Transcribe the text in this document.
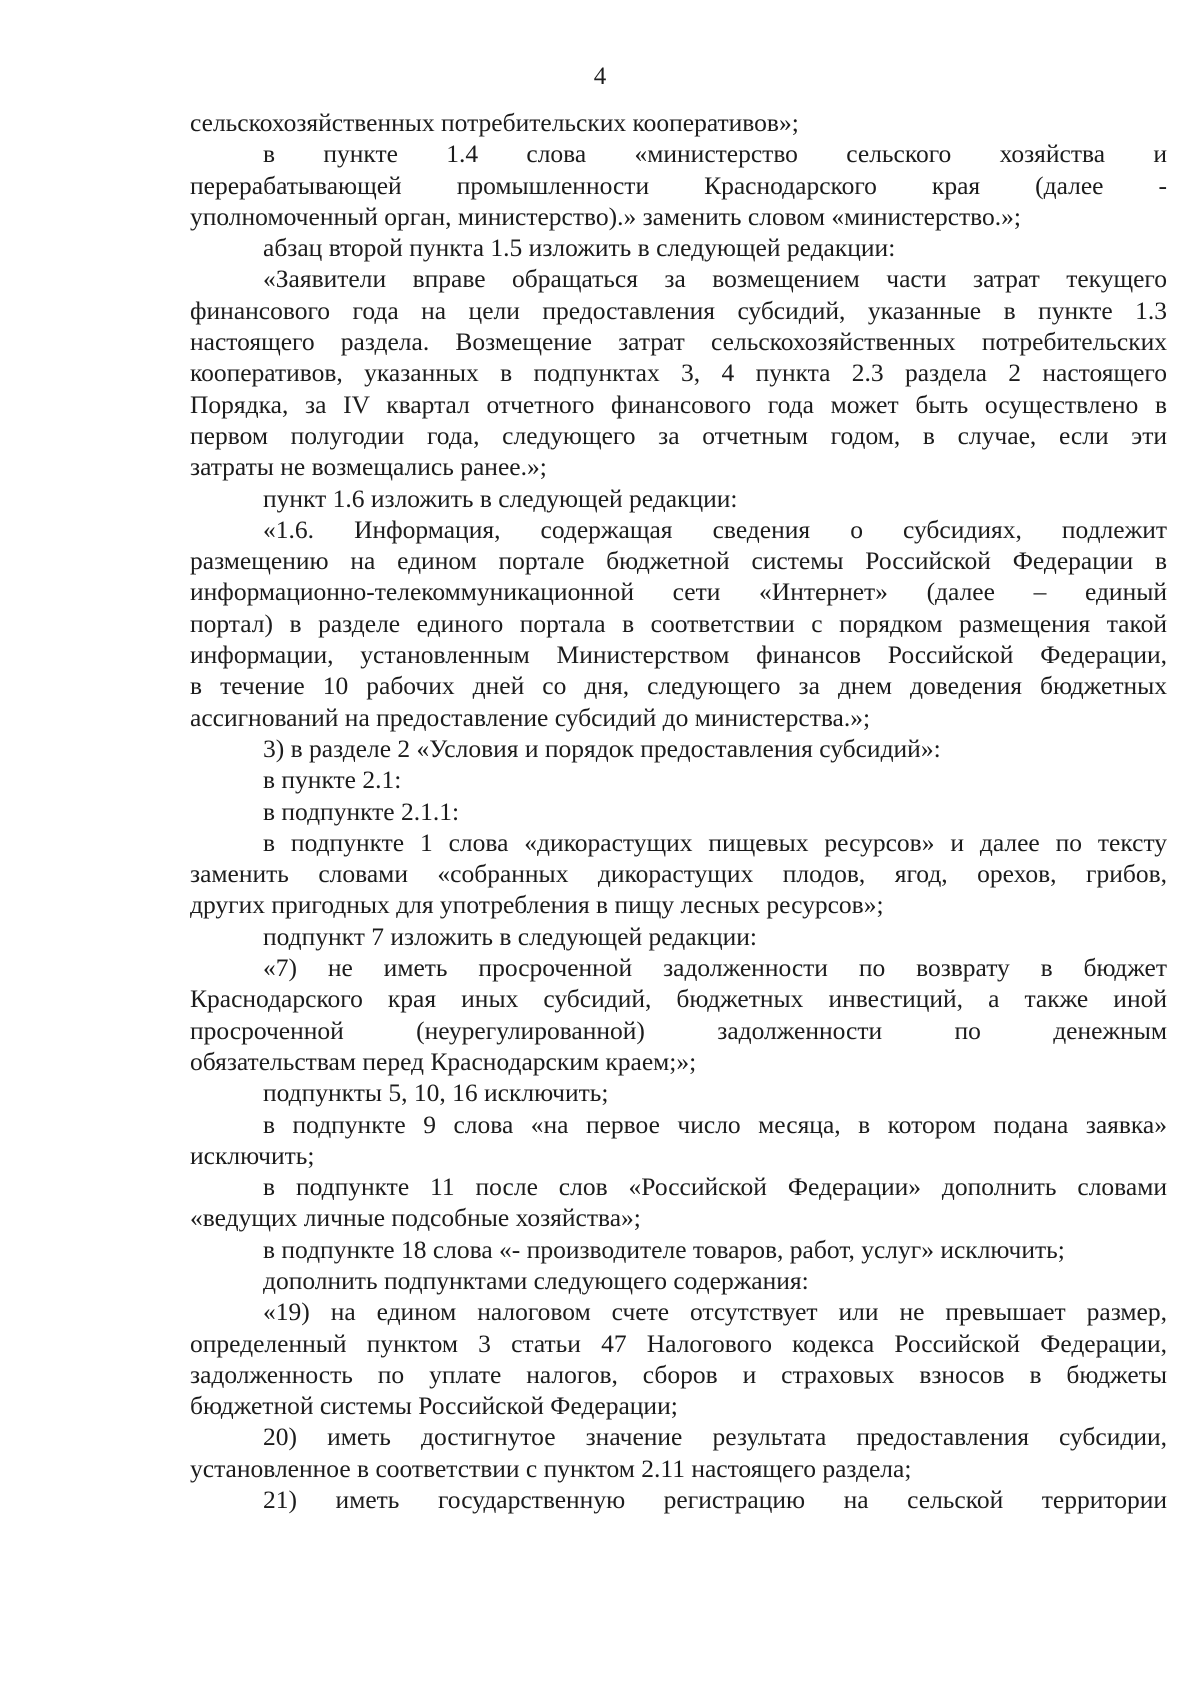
4
сельскохозяйственных потребительских кооперативов»;
в пункте 1.4 слова «министерство сельского хозяйства и
перерабатывающей промышленности Краснодарского края (далее -
уполномоченный орган, министерство).» заменить словом «министерство.»;
абзац второй пункта 1.5 изложить в следующей редакции:
«Заявители вправе обращаться за возмещением части затрат текущего
финансового года на цели предоставления субсидий, указанные в пункте 1.3
настоящего раздела. Возмещение затрат сельскохозяйственных потребительских
кооперативов, указанных в подпунктах 3, 4 пункта 2.3 раздела 2 настоящего
Порядка, за IV квартал отчетного финансового года может быть осуществлено в
первом полугодии года, следующего за отчетным годом, в случае, если эти
затраты не возмещались ранее.»;
пункт 1.6 изложить в следующей редакции:
«1.6. Информация, содержащая сведения о субсидиях, подлежит
размещению на едином портале бюджетной системы Российской Федерации в
информационно-телекоммуникационной сети «Интернет» (далее – единый
портал) в разделе единого портала в соответствии с порядком размещения такой
информации, установленным Министерством финансов Российской Федерации,
в течение 10 рабочих дней со дня, следующего за днем доведения бюджетных
ассигнований на предоставление субсидий до министерства.»;
3) в разделе 2 «Условия и порядок предоставления субсидий»:
в пункте 2.1:
в подпункте 2.1.1:
в подпункте 1 слова «дикорастущих пищевых ресурсов» и далее по тексту
заменить словами «собранных дикорастущих плодов, ягод, орехов, грибов,
других пригодных для употребления в пищу лесных ресурсов»;
подпункт 7 изложить в следующей редакции:
«7) не иметь просроченной задолженности по возврату в бюджет
Краснодарского края иных субсидий, бюджетных инвестиций, а также иной
просроченной (неурегулированной) задолженности по денежным
обязательствам перед Краснодарским краем;»;
подпункты 5, 10, 16 исключить;
в подпункте 9 слова «на первое число месяца, в котором подана заявка»
исключить;
в подпункте 11 после слов «Российской Федерации» дополнить словами
«ведущих личные подсобные хозяйства»;
в подпункте 18 слова «- производителе товаров, работ, услуг» исключить;
дополнить подпунктами следующего содержания:
«19) на едином налоговом счете отсутствует или не превышает размер,
определенный пунктом 3 статьи 47 Налогового кодекса Российской Федерации,
задолженность по уплате налогов, сборов и страховых взносов в бюджеты
бюджетной системы Российской Федерации;
20) иметь достигнутое значение результата предоставления субсидии,
установленное в соответствии с пунктом 2.11 настоящего раздела;
21) иметь государственную регистрацию на сельской территории
